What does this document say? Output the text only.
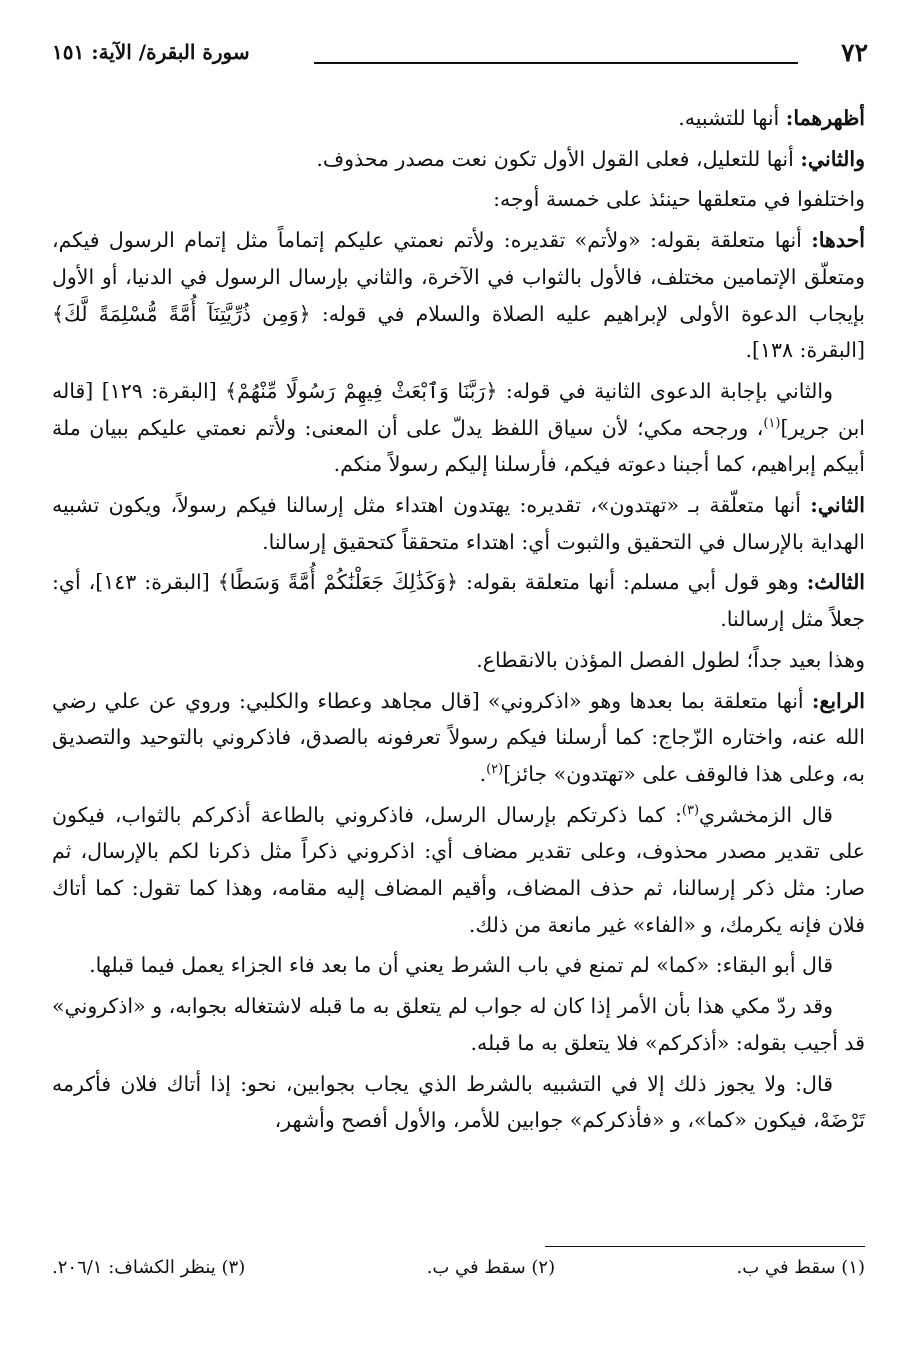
٧٢
سورة البقرة/ الآية: ١٥١

أظهرهما: أنها للتشبيه.

والثاني: أنها للتعليل، فعلى القول الأول تكون نعت مصدر محذوف.

واختلفوا في متعلقها حينئذ على خمسة أوجه:

أحدها: أنها متعلقة بقوله: «ولأتم» تقديره: ولأتم نعمتي عليكم إتماماً مثل إتمام الرسول فيكم، ومتعلّق الإتمامين مختلف، فالأول بالثواب في الآخرة، والثاني بإرسال الرسول في الدنيا، أو الأول بإيجاب الدعوة الأولى لإبراهيم عليه الصلاة والسلام في قوله: ﴿وَمِن ذُرِّيَّتِنَآ أُمَّةً مُّسْلِمَةً لَّكَ﴾ [البقرة: ١٣٨].

والثاني بإجابة الدعوى الثانية في قوله: ﴿رَبَّنَا وَٱبْعَثْ فِيهِمْ رَسُولًا مِّنْهُمْ﴾ [البقرة: ١٢٩] [قاله ابن جرير]$^{(١)}$، ورجحه مكي؛ لأن سياق اللفظ يدلّ على أن المعنى: ولأتم نعمتي عليكم ببيان ملة أبيكم إبراهيم، كما أجبنا دعوته فيكم، فأرسلنا إليكم رسولاً منكم.

الثاني: أنها متعلّقة بـ «تهتدون»، تقديره: يهتدون اهتداء مثل إرسالنا فيكم رسولاً، ويكون تشبيه الهداية بالإرسال في التحقيق والثبوت أي: اهتداء متحققاً كتحقيق إرسالنا.

الثالث: وهو قول أبي مسلم: أنها متعلقة بقوله: ﴿وَكَذَٰلِكَ جَعَلْنَٰكُمْ أُمَّةً وَسَطًا﴾ [البقرة: ١٤٣]، أي: جعلاً مثل إرسالنا.

وهذا بعيد جداً؛ لطول الفصل المؤذن بالانقطاع.

الرابع: أنها متعلقة بما بعدها وهو «اذكروني» [قال مجاهد وعطاء والكلبي: وروي عن علي رضي الله عنه، واختاره الزّجاج: كما أرسلنا فيكم رسولاً تعرفونه بالصدق، فاذكروني بالتوحيد والتصديق به، وعلى هذا فالوقف على «تهتدون» جائز]$^{(٢)}$.

قال الزمخشري$^{(٣)}$: كما ذكرتكم بإرسال الرسل، فاذكروني بالطاعة أذكركم بالثواب، فيكون على تقدير مصدر محذوف، وعلى تقدير مضاف أي: اذكروني ذكراً مثل ذكرنا لكم بالإرسال، ثم صار: مثل ذكر إرسالنا، ثم حذف المضاف، وأقيم المضاف إليه مقامه، وهذا كما تقول: كما أتاك فلان فإنه يكرمك، و «الفاء» غير مانعة من ذلك.

قال أبو البقاء: «كما» لم تمنع في باب الشرط يعني أن ما بعد فاء الجزاء يعمل فيما قبلها.

وقد ردّ مكي هذا بأن الأمر إذا كان له جواب لم يتعلق به ما قبله لاشتغاله بجوابه، و «اذكروني» قد أجيب بقوله: «أذكركم» فلا يتعلق به ما قبله.

قال: ولا يجوز ذلك إلا في التشبيه بالشرط الذي يجاب بجوابين، نحو: إذا أتاك فلان فأكرمه تَرْضَهْ، فيكون «كما»، و «فأذكركم» جوابين للأمر، والأول أفصح وأشهر،

(١) سقط في ب.
(٢) سقط في ب.
(٣) ينظر الكشاف: ٢٠٦/١.
